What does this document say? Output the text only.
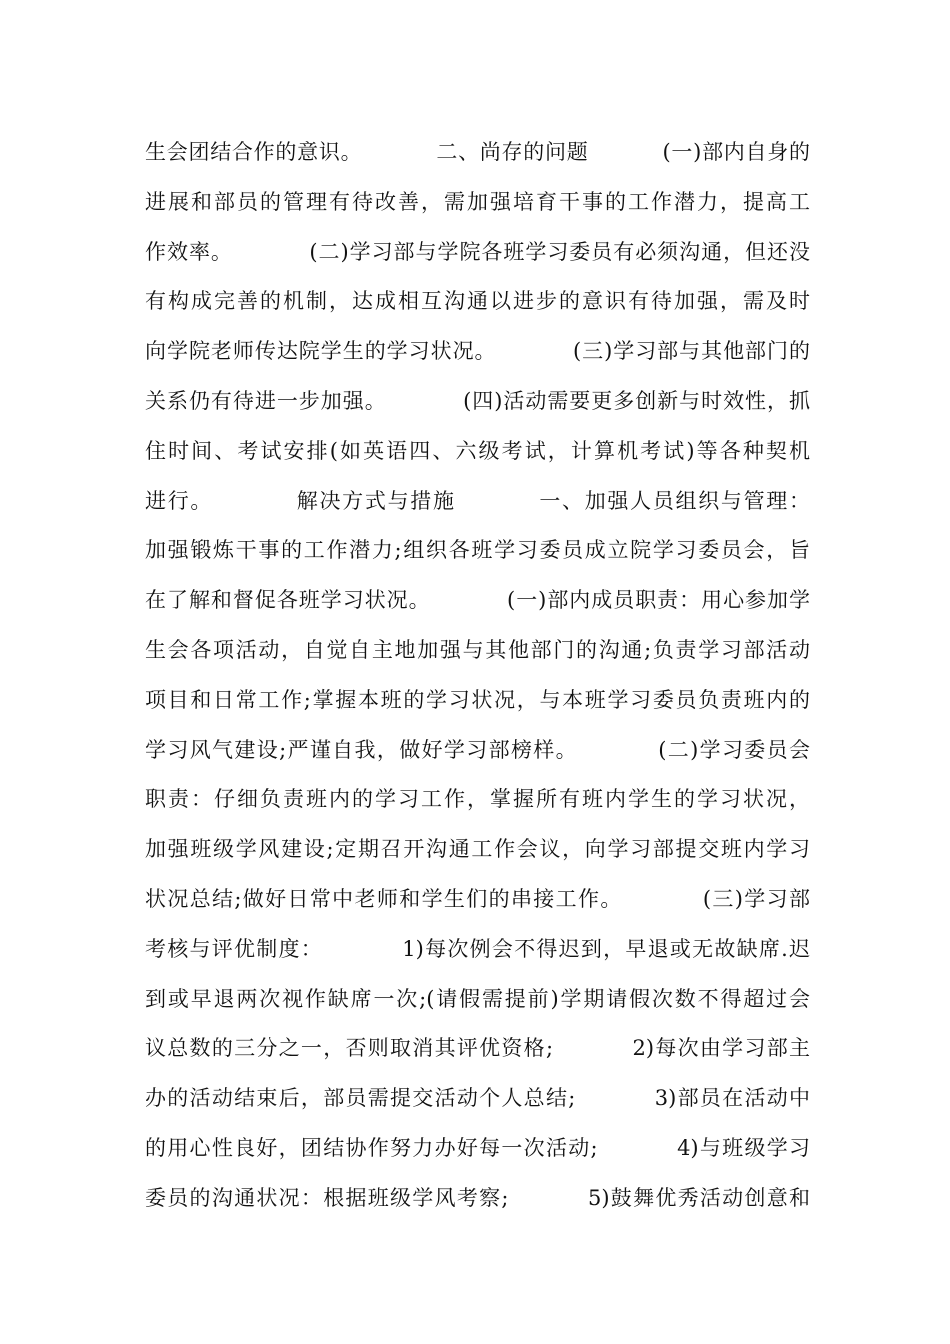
生会团结合作的意识。          二、尚存的问题          (一)部内自身的
进展和部员的管理有待改善，需加强培育干事的工作潜力，提高工
作效率。          (二)学习部与学院各班学习委员有必须沟通，但还没
有构成完善的机制，达成相互沟通以进步的意识有待加强，需及时
向学院老师传达院学生的学习状况。          (三)学习部与其他部门的
关系仍有待进一步加强。          (四)活动需要更多创新与时效性，抓
住时间、考试安排(如英语四、六级考试，计算机考试)等各种契机
进行。          解决方式与措施          一、加强人员组织与管理：
加强锻炼干事的工作潜力;组织各班学习委员成立院学习委员会，旨
在了解和督促各班学习状况。          (一)部内成员职责：用心参加学
生会各项活动，自觉自主地加强与其他部门的沟通;负责学习部活动
项目和日常工作;掌握本班的学习状况，与本班学习委员负责班内的
学习风气建设;严谨自我，做好学习部榜样。          (二)学习委员会
职责：仔细负责班内的学习工作，掌握所有班内学生的学习状况，
加强班级学风建设;定期召开沟通工作会议，向学习部提交班内学习
状况总结;做好日常中老师和学生们的串接工作。          (三)学习部
考核与评优制度：          1)每次例会不得迟到，早退或无故缺席.迟
到或早退两次视作缺席一次;(请假需提前)学期请假次数不得超过会
议总数的三分之一，否则取消其评优资格;          2)每次由学习部主
办的活动结束后，部员需提交活动个人总结;          3)部员在活动中
的用心性良好，团结协作努力办好每一次活动;          4)与班级学习
委员的沟通状况：根据班级学风考察;          5)鼓舞优秀活动创意和
